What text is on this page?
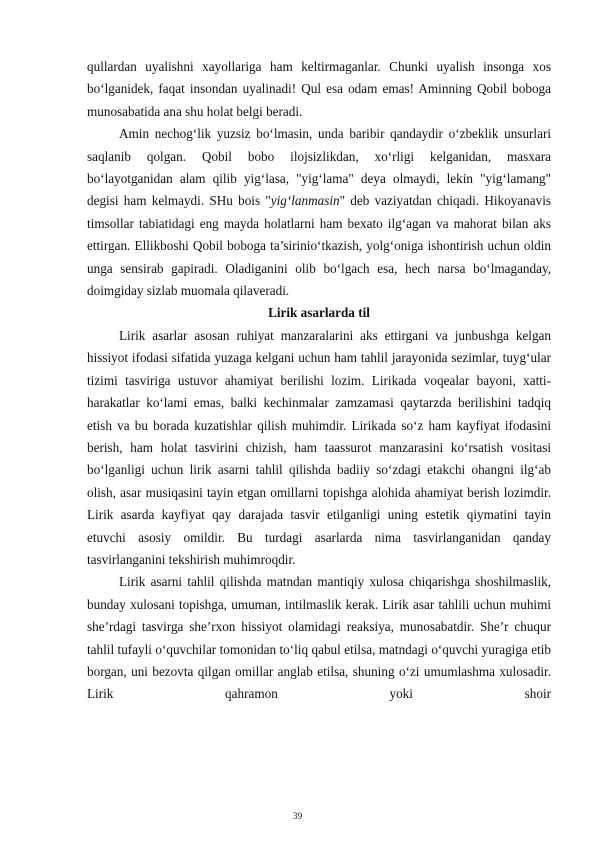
qullardan uyalishni xayollariga ham keltirmaganlar. Chunki uyalish insonga xos bo‘lganidek, faqat insondan uyalinadi! Qul esa odam emas! Aminning Qobil boboga munosabatida ana shu holat belgi beradi.

Amin nechog‘lik yuzsiz bo‘lmasin, unda baribir qandaydir o‘zbeklik unsurlari saqlanib qolgan. Qobil bobo ilojsizlikdan, xo‘rligi kelganidan, masxara bo‘layotganidan alam qilib yig‘lasa, "yig‘lama" deya olmaydi, lekin "yig‘lamang" degisi ham kelmaydi. SHu bois "yig‘lanmasin" deb vaziyatdan chiqadi. Hikoyanavis timsollar tabiatidagi eng mayda holatlarni ham bexato ilg‘agan va mahorat bilan aks ettirgan. Ellikboshi Qobil boboga ta’sirinio‘tkazish, yolg‘oniga ishontirish uchun oldin unga sensirab gapiradi. Oladiganini olib bo‘lgach esa, hech narsa bo‘lmaganday, doimgiday sizlab muomala qilaveradi.

Lirik asarlarda til

Lirik asarlar asosan ruhiyat manzaralarini aks ettirgani va junbushga kelgan hissiyot ifodasi sifatida yuzaga kelgani uchun ham tahlil jarayonida sezimlar, tuyg‘ular tizimi tasviriga ustuvor ahamiyat berilishi lozim. Lirikada voqealar bayoni, xatti-harakatlar ko‘lami emas, balki kechinmalar zamzamasi qaytarzda berilishini tadqiq etish va bu borada kuzatishlar qilish muhimdir. Lirikada so‘z ham kayfiyat ifodasini berish, ham holat tasvirini chizish, ham taassurot manzarasini ko‘rsatish vositasi bo‘lganligi uchun lirik asarni tahlil qilishda badiiy so‘zdagi etakchi ohangni ilg‘ab olish, asar musiqasini tayin etgan omillarni topishga alohida ahamiyat berish lozimdir. Lirik asarda kayfiyat qay darajada tasvir etilganligi uning estetik qiymatini tayin etuvchi asosiy omildir. Bu turdagi asarlarda nima tasvirlanganidan qanday tasvirlanganini tekshirish muhimroqdir.

Lirik asarni tahlil qilishda matndan mantiqiy xulosa chiqarishga shoshilmaslik, bunday xulosani topishga, umuman, intilmaslik kerak. Lirik asar tahlili uchun muhimi she’rdagi tasvirga she’rxon hissiyot olamidagi reaksiya, munosabatdir. She’r chuqur tahlil tufayli o‘quvchilar tomonidan to‘liq qabul etilsa, matndagi o‘quvchi yuragiga etib borgan, uni bezovta qilgan omillar anglab etilsa, shuning o‘zi umumlashma xulosadir. Lirik qahramon yoki shoir

39
